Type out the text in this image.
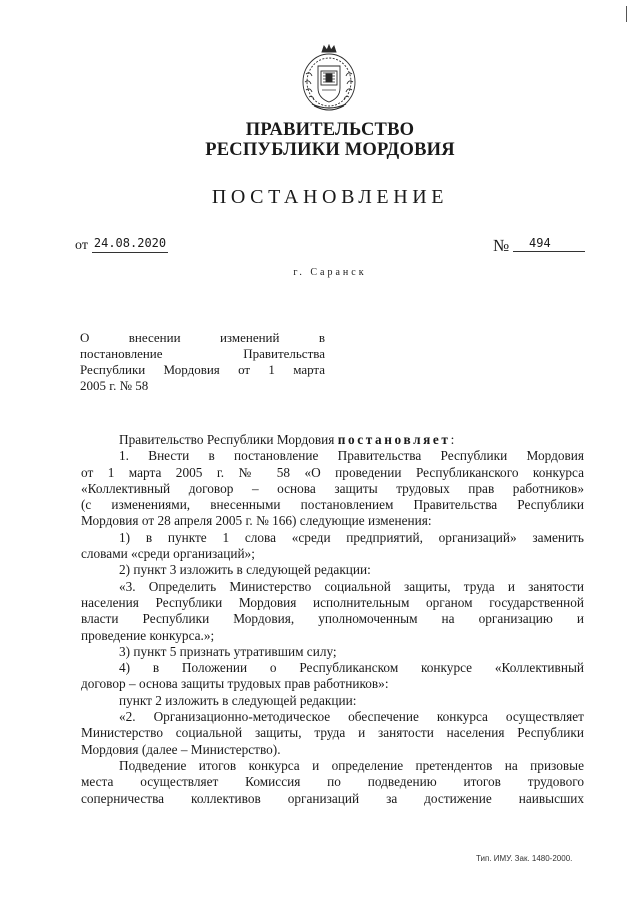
ПРАВИТЕЛЬСТВО
РЕСПУБЛИКИ МОРДОВИЯ
ПОСТАНОВЛЕНИЕ
от 24.08.2020	№	494
г. Саранск
О	внесении	изменений	в
постановление	Правительства
Республики Мордовия от 1 марта
2005 г. № 58
Правительство Республики Мордовия постановляет:
1. Внести в постановление Правительства Республики Мордовия
от 1 марта 2005 г. № 58 «О проведении Республиканского конкурса
«Коллективный договор – основа защиты трудовых прав работников»
(с изменениями, внесенными постановлением Правительства Республики
Мордовия от 28 апреля 2005 г. № 166) следующие изменения:
1) в пункте 1 слова «среди предприятий, организаций» заменить
словами «среди организаций»;
2) пункт 3 изложить в следующей редакции:
«3. Определить Министерство социальной защиты, труда и занятости
населения Республики Мордовия исполнительным органом государственной
власти Республики Мордовия, уполномоченным на организацию и
проведение конкурса.»;
3) пункт 5 признать утратившим силу;
4) в Положении о Республиканском конкурсе «Коллективный
договор – основа защиты трудовых прав работников»:
пункт 2 изложить в следующей редакции:
«2. Организационно-методическое обеспечение конкурса осуществляет
Министерство социальной защиты, труда и занятости населения Республики
Мордовия (далее – Министерство).
Подведение итогов конкурса и определение претендентов на призовые
места осуществляет Комиссия по подведению итогов трудового
соперничества коллективов организаций за достижение наивысших
Тип. ИМУ. Зак. 1480-2000.
